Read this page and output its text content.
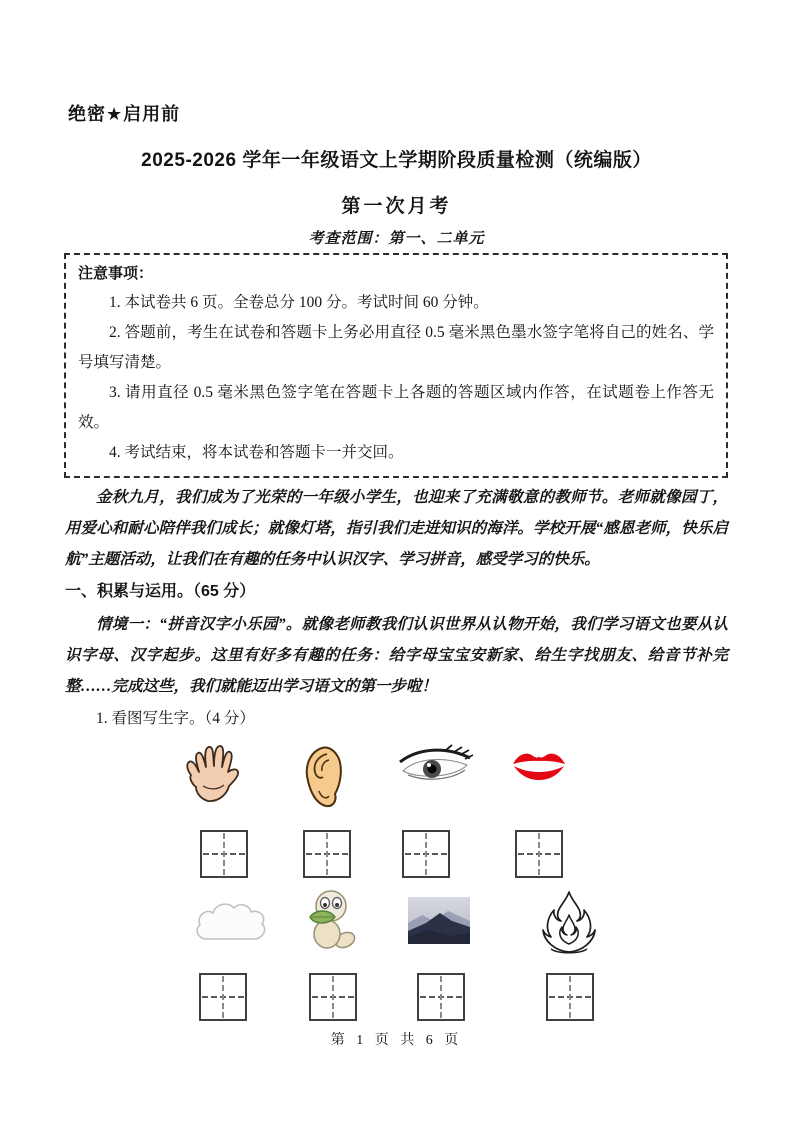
绝密★启用前
2025-2026 学年一年级语文上学期阶段质量检测（统编版）
第一次月考
考查范围：第一、二单元
注意事项：

1. 本试卷共 6 页。全卷总分 100 分。考试时间 60 分钟。

2. 答题前，考生在试卷和答题卡上务必用直径 0.5 毫米黑色墨水签字笔将自己的姓名、学号填写清楚。

3. 请用直径 0.5 毫米黑色签字笔在答题卡上各题的答题区域内作答，在试题卷上作答无效。

4. 考试结束，将本试卷和答题卡一并交回。

金秋九月，我们成为了光荣的一年级小学生，也迎来了充满敬意的教师节。老师就像园丁，用爱心和耐心陪伴我们成长；就像灯塔，指引我们走进知识的海洋。学校开展“感恩老师，快乐启航”主题活动，让我们在有趣的任务中认识汉字、学习拼音，感受学习的快乐。

一、积累与运用。（65 分）

情境一：“拼音汉字小乐园”。就像老师教我们认识世界从认物开始，我们学习语文也要从认识字母、汉字起步。这里有好多有趣的任务：给字母宝宝安新家、给生字找朋友、给音节补完整……完成这些，我们就能迈出学习语文的第一步啦！

1. 看图写生字。（4 分）
第 1 页 共 6 页
